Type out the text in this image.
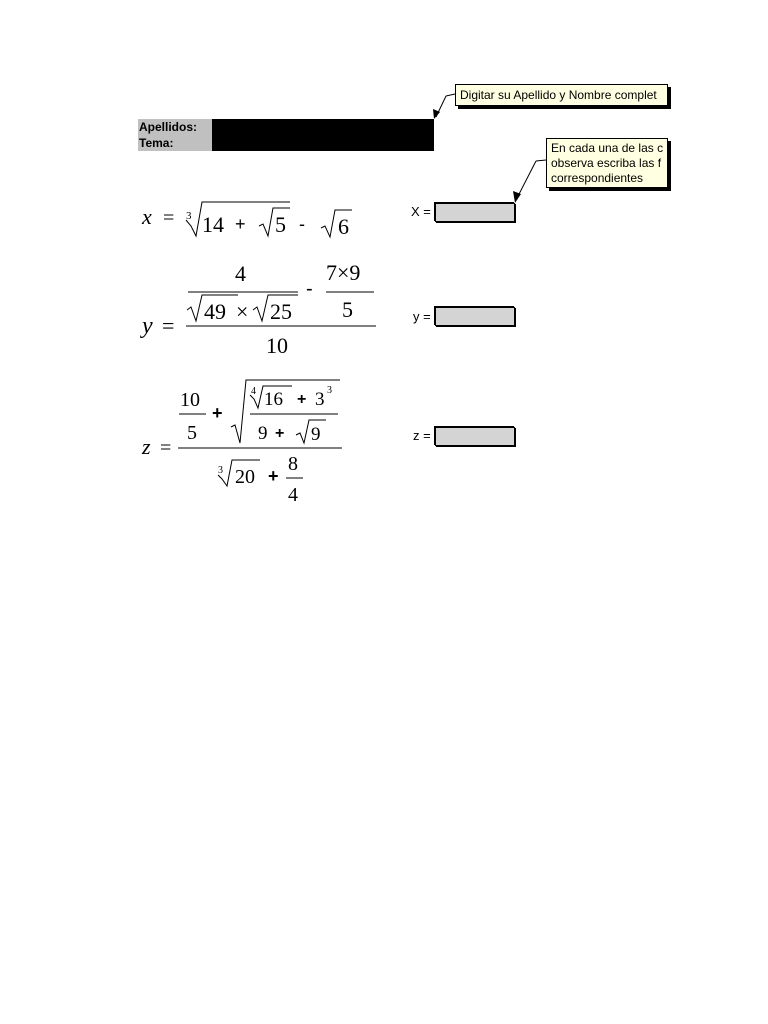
Apellidos:
Tema:
Digitar su Apellido y Nombre complet
En cada una de las c
observa escriba las f
correspondientes
x = 3 14 + 5 - 6
y =
4
49 × 25
-
7×9
5
10
z =
10
5
+
4 16 + 3 3
9 + 9
3 20 +
8
4
X =
y =
z =
